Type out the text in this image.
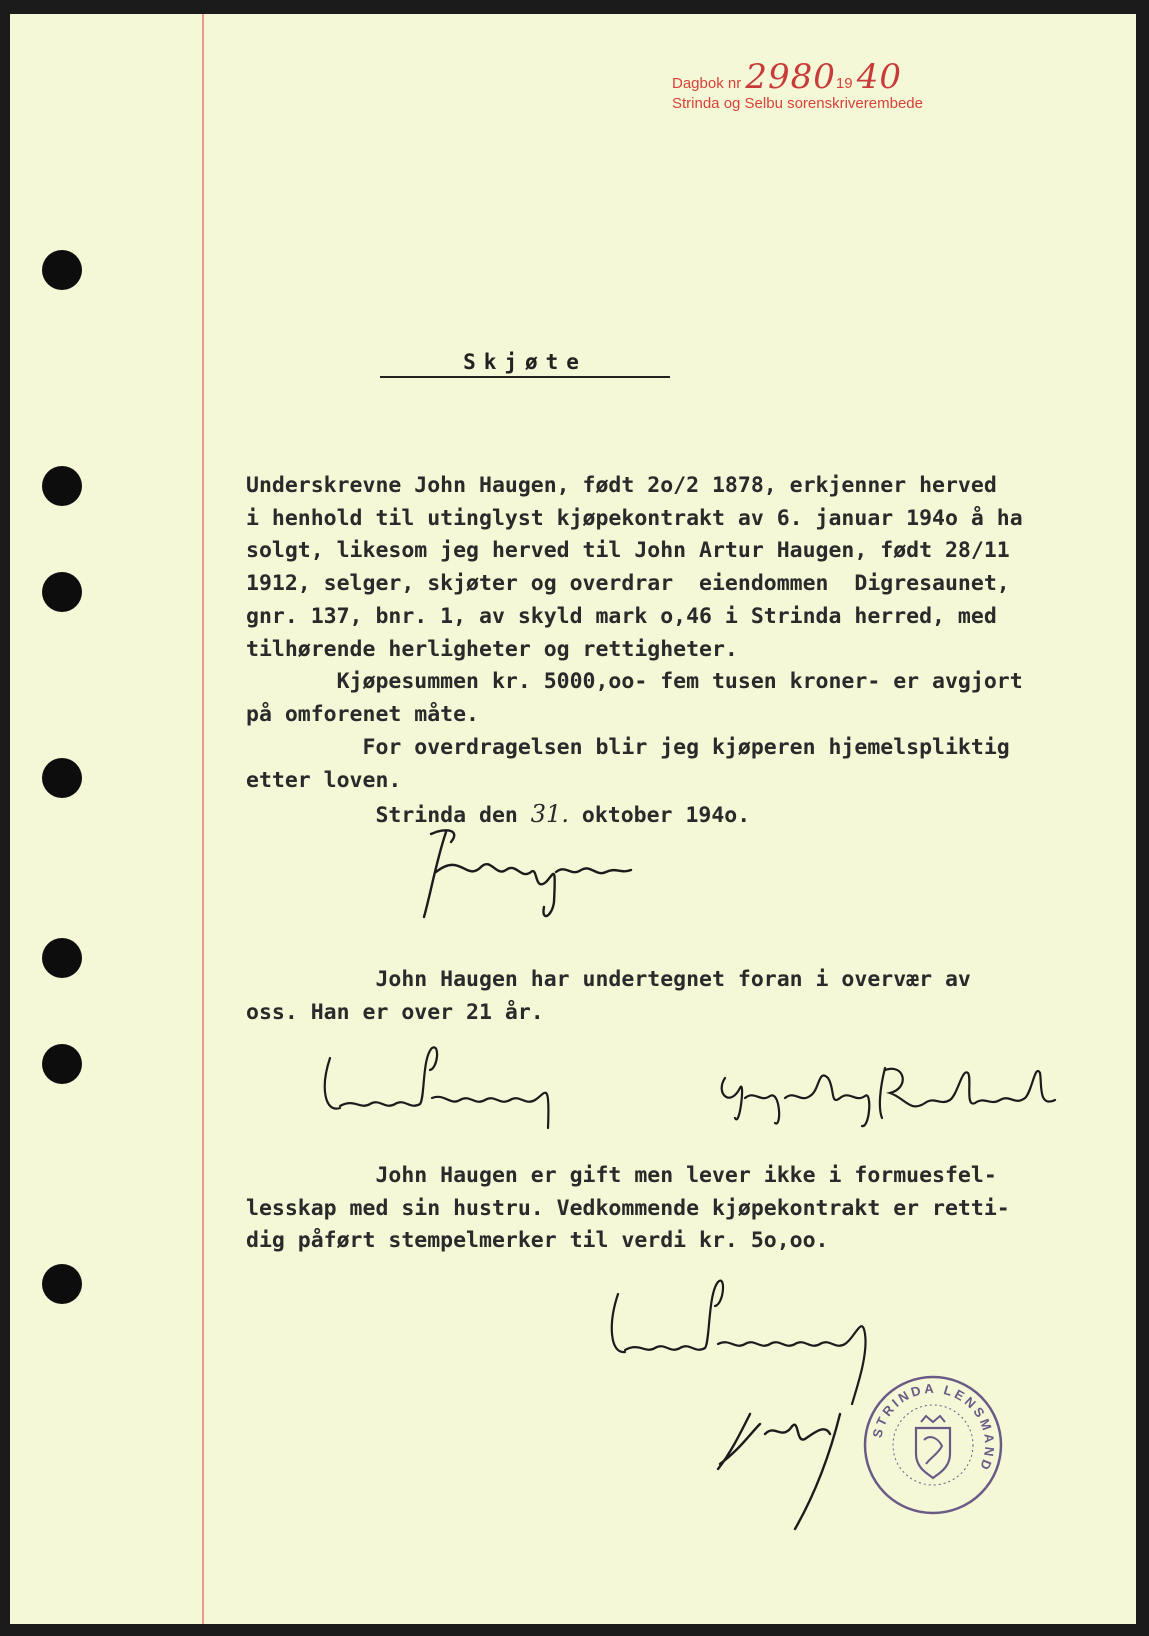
Dagbok nr 298019 40
Strinda og Selbu sorenskriverembede
Skjøte
Underskrevne John Haugen, født 2o/2 1878, erkjenner herved
i henhold til utinglyst kjøpekontrakt av 6. januar 194o å ha
solgt, likesom jeg herved til John Artur Haugen, født 28/11
1912, selger, skjøter og overdrar  eiendommen  Digresaunet,
gnr. 137, bnr. 1, av skyld mark o,46 i Strinda herred, med
tilhørende herligheter og rettigheter.
Kjøpesummen kr. 5000,oo- fem tusen kroner- er avgjort
på omforenet måte.
For overdragelsen blir jeg kjøperen hjemelspliktig
etter loven.
Strinda den 31. oktober 194o.
John Haugen har undertegnet foran i overvær av
oss. Han er over 21 år.
John Haugen er gift men lever ikke i formuesfel-
lesskap med sin hustru. Vedkommende kjøpekontrakt er retti-
dig påført stempelmerker til verdi kr. 5o,oo.
STRINDA LENSMAND
